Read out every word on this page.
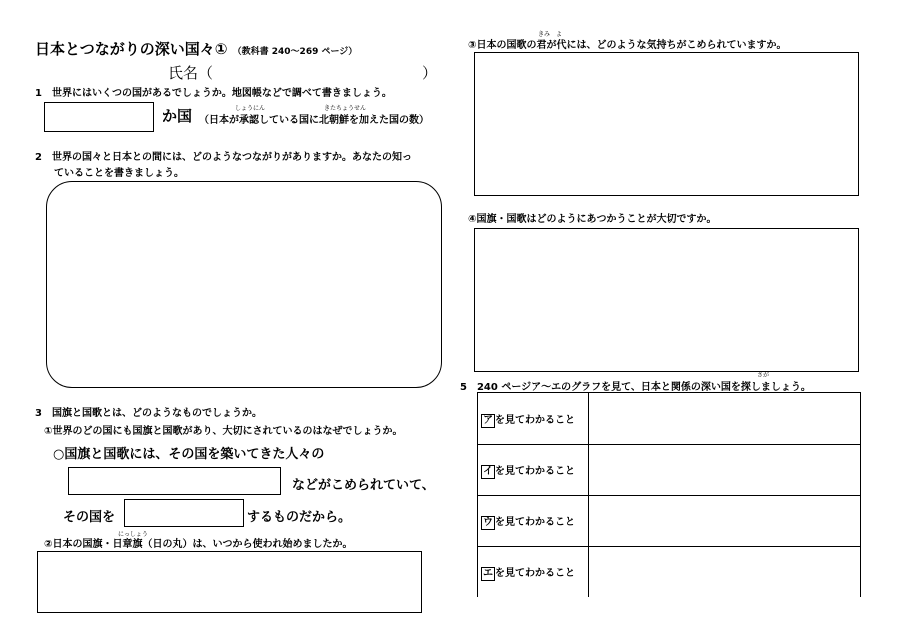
日本とつながりの深い国々① （教科書 240～269 ページ）
氏名（	）
1　世界にはいくつの国があるでしょうか。地図帳などで調べて書きましょう。
か国	しょうにん	きたちょうせん
（日本が承認している国に北朝鮮を加えた国の数）
2　世界の国々と日本との間には、どのようなつながりがありますか。あなたの知っ
ていることを書きましょう。
3　国旗と国歌とは、どのようなものでしょうか。
①世界のどの国にも国旗と国歌があり、大切にされているのはなぜでしょうか。
○国旗と国歌には、その国を築いてきた人々の
などがこめられていて、
その国を	するものだから。
にっしょう
②日本の国旗・日章旗（日の丸）は、いつから使われ始めましたか。
きみ　よ
③日本の国歌の君が代には、どのような気持ちがこめられていますか。
④国旗・国歌はどのようにあつかうことが大切ですか。
さが
5　240 ページア～エのグラフを見て、日本と関係の深い国を探しましょう。
ア を見てわかること
イ を見てわかること
ウ を見てわかること
エ を見てわかること
